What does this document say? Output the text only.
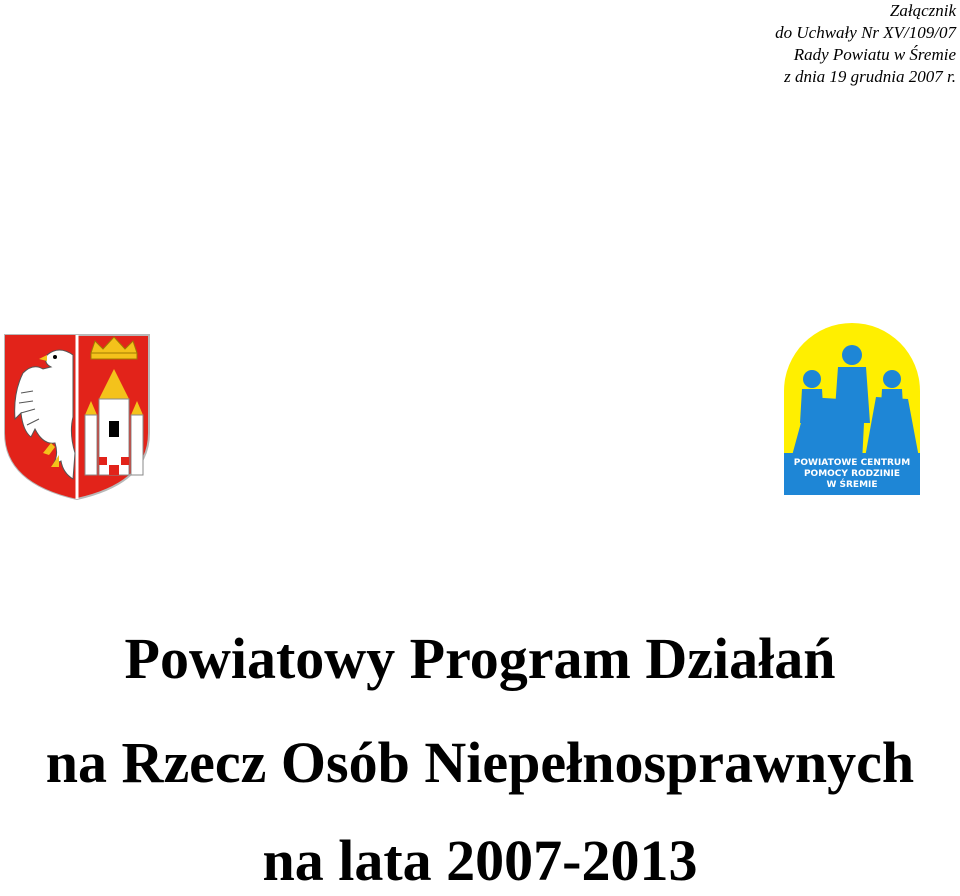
Załącznik
do Uchwały Nr XV/109/07
Rady Powiatu w Śremie
z dnia 19 grudnia 2007 r.
POWIATOWE CENTRUM
POMOCY RODZINIE
W ŚREMIE
Powiatowy Program Działań
na Rzecz Osób Niepełnosprawnych
na lata 2007-2013
